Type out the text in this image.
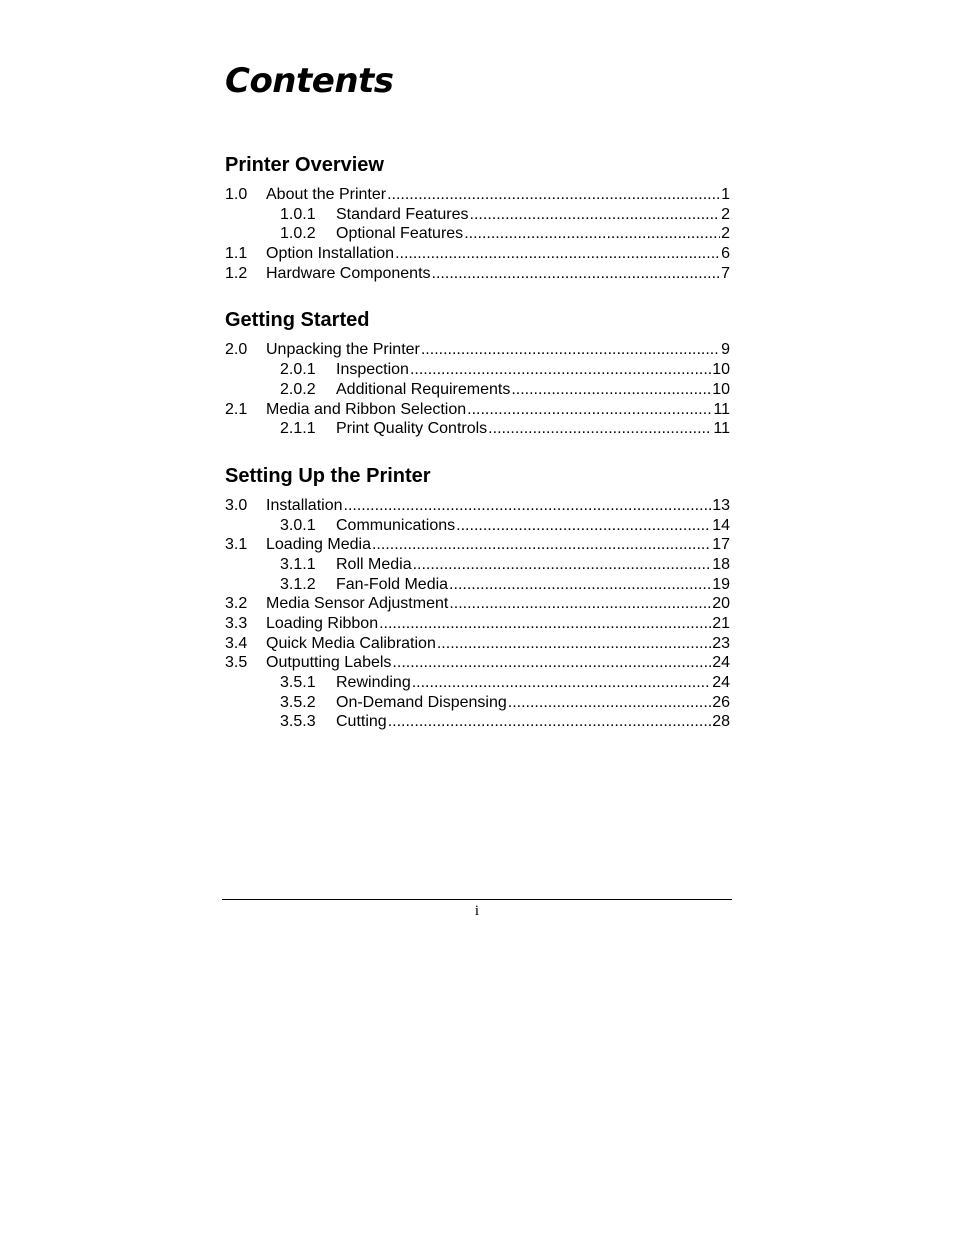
Contents
Printer Overview
1.0	About the Printer .....	1
1.0.1	Standard Features .....	2
1.0.2	Optional Features .....	2
1.1	Option Installation .....	6
1.2	Hardware Components .....	7
Getting Started
2.0	Unpacking the Printer .....	9
2.0.1	Inspection .....	10
2.0.2	Additional Requirements .....	10
2.1	Media and Ribbon Selection .....	11
2.1.1	Print Quality Controls .....	11
Setting Up the Printer
3.0	Installation .....	13
3.0.1	Communications .....	14
3.1	Loading Media .....	17
3.1.1	Roll Media .....	18
3.1.2	Fan-Fold Media .....	19
3.2	Media Sensor Adjustment .....	20
3.3	Loading Ribbon .....	21
3.4	Quick Media Calibration .....	23
3.5	Outputting Labels .....	24
3.5.1	Rewinding .....	24
3.5.2	On-Demand Dispensing .....	26
3.5.3	Cutting .....	28
i
